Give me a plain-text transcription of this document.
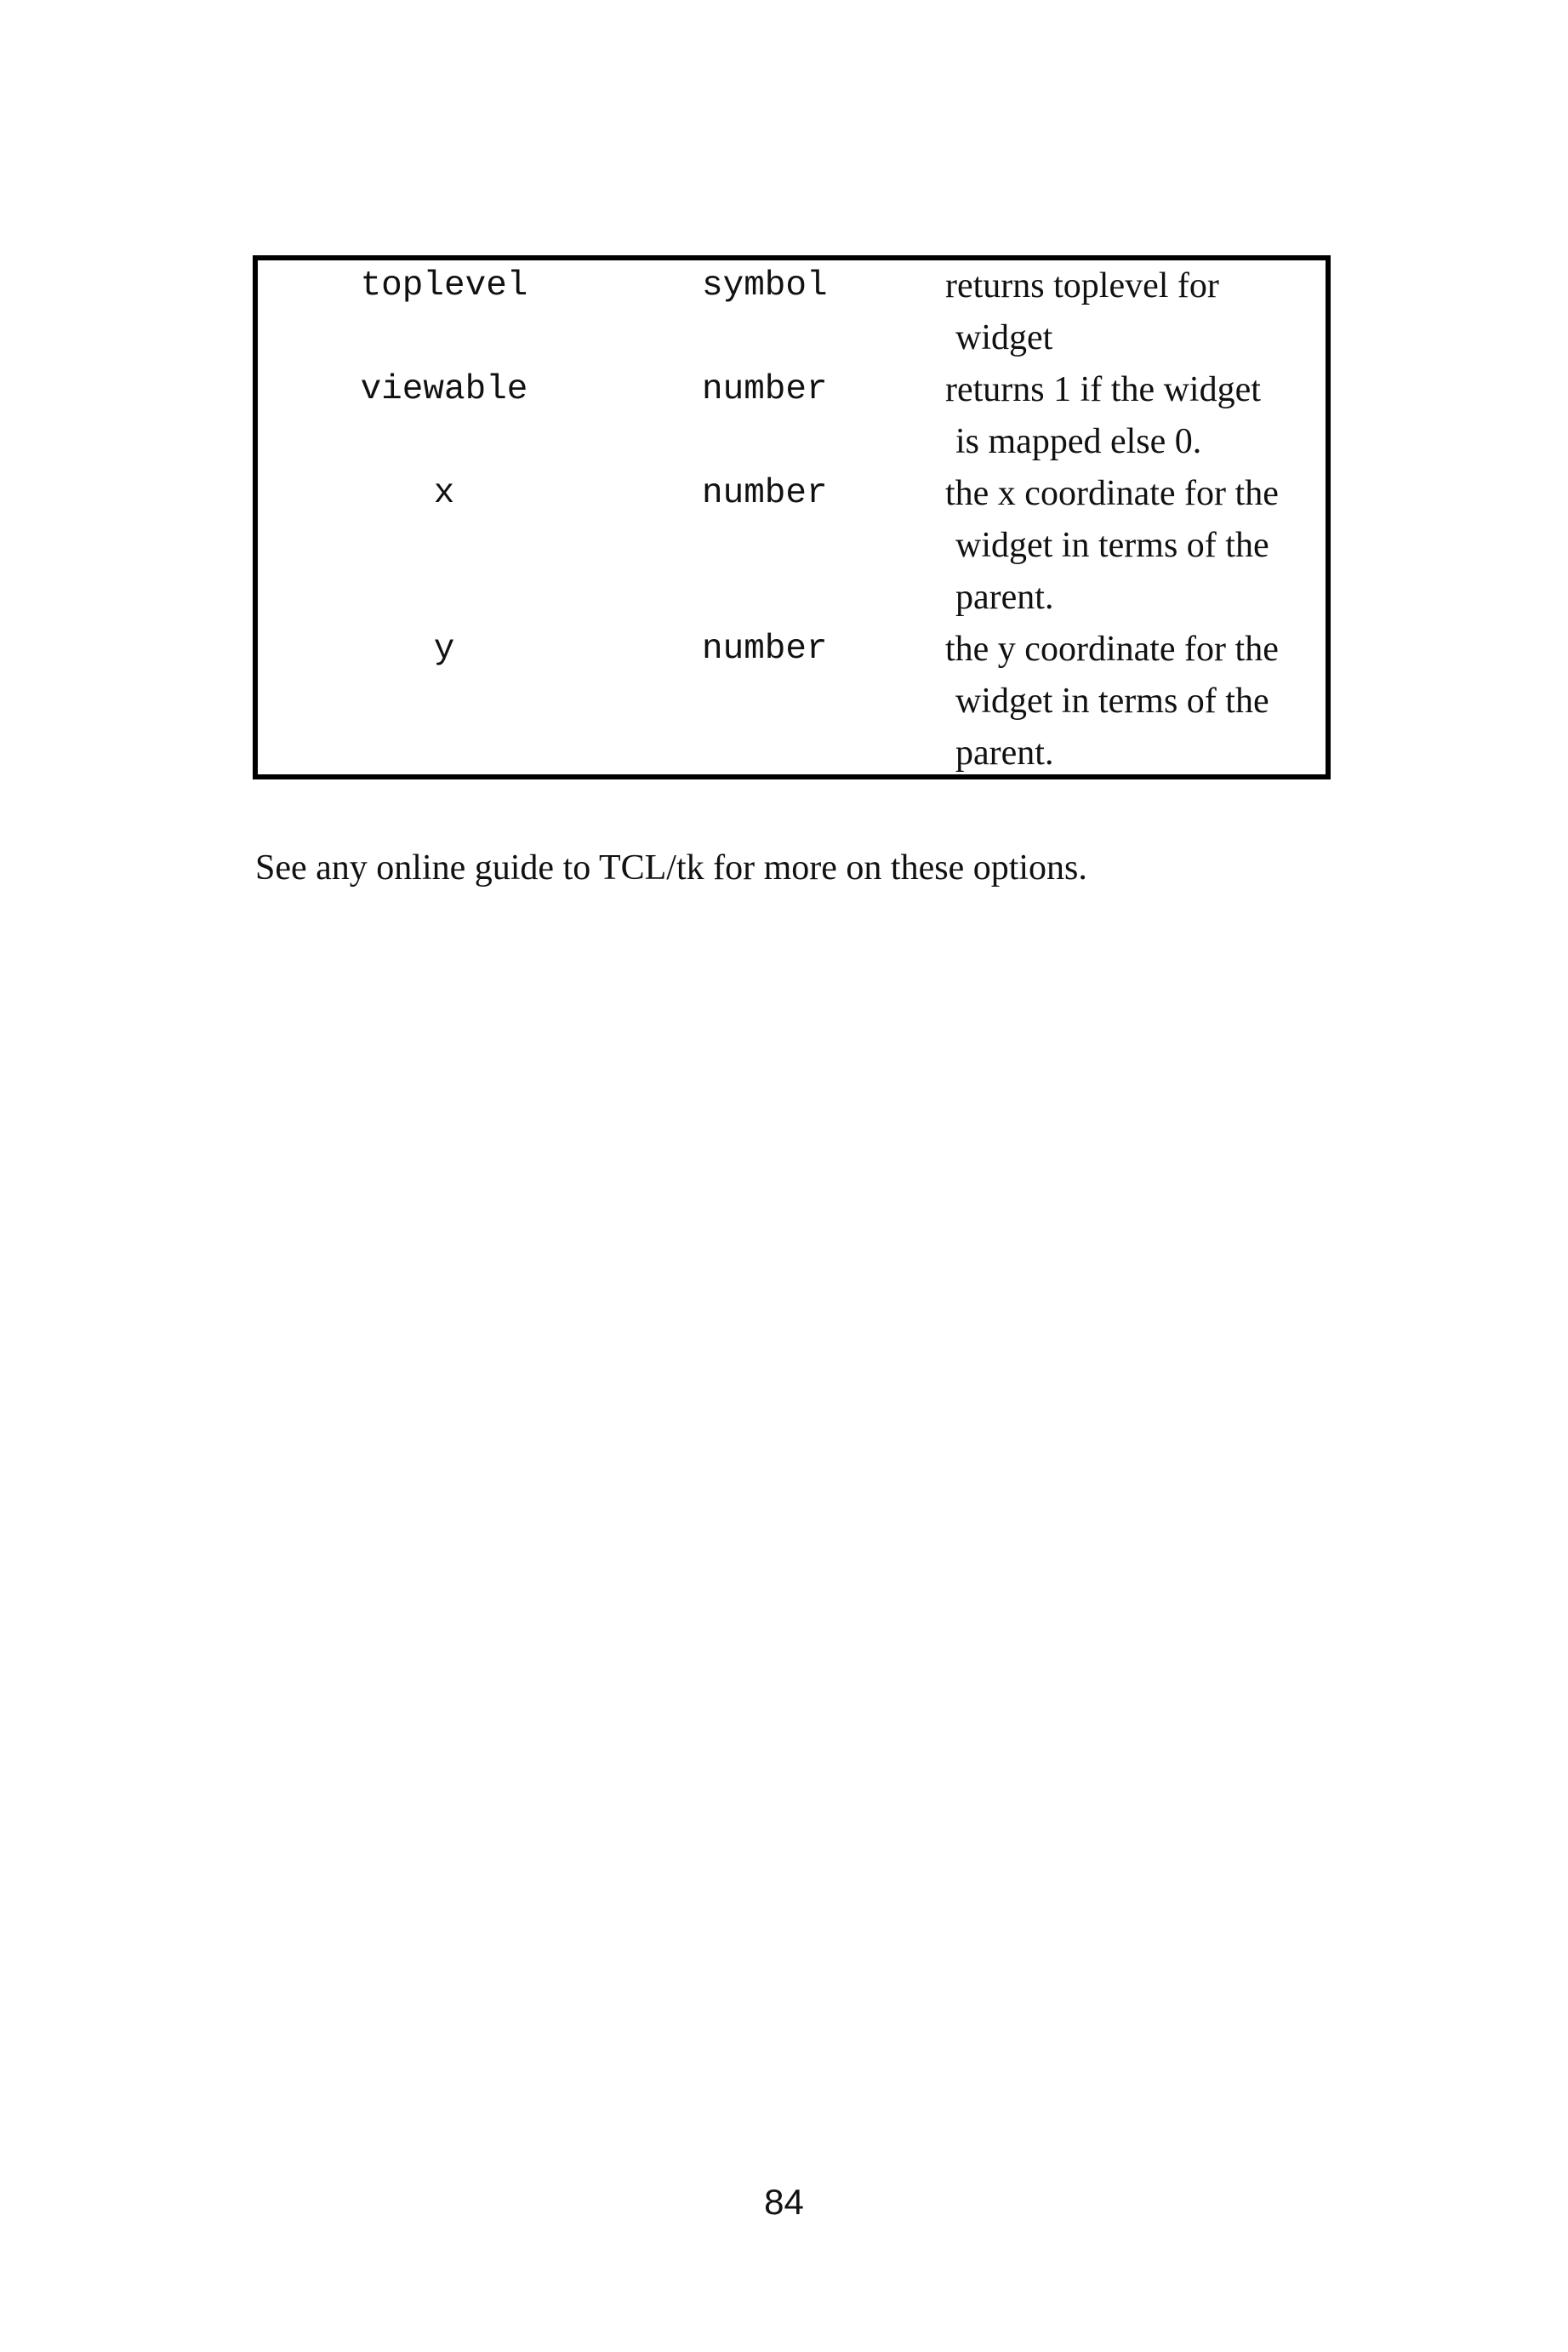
toplevel	symbol	returns toplevel for
widget
viewable	number	returns 1 if the widget
is mapped else 0.
x	number	the x coordinate for the
widget in terms of the
parent.
y	number	the y coordinate for the
widget in terms of the
parent.

See any online guide to TCL/tk for more on these options.

84
